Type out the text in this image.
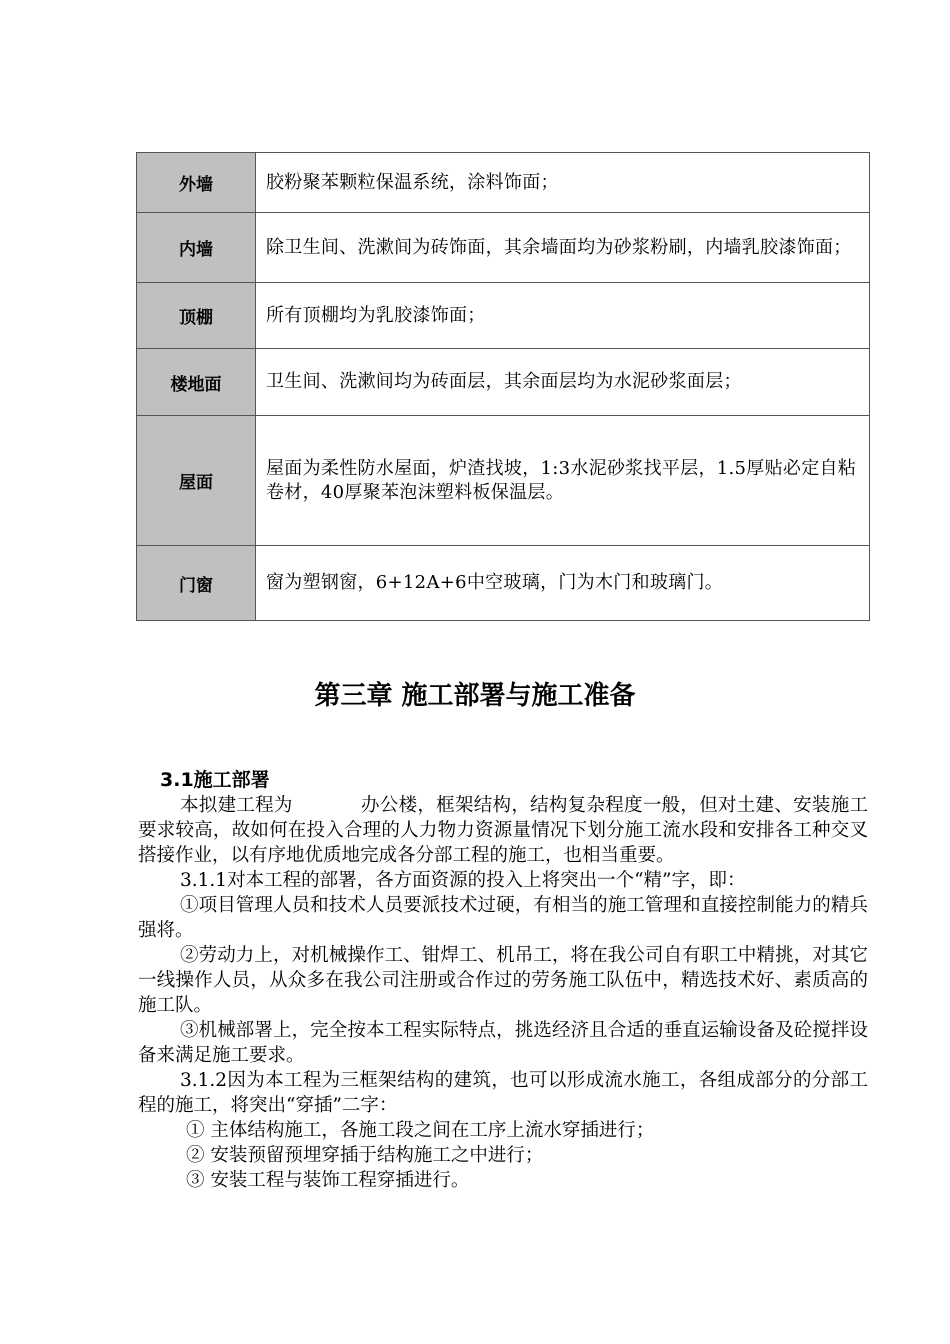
外墙	胶粉聚苯颗粒保温系统，涂料饰面；
内墙	除卫生间、洗漱间为砖饰面，其余墙面均为砂浆粉刷，内墙乳胶漆饰面；
顶棚	所有顶棚均为乳胶漆饰面；
楼地面	卫生间、洗漱间均为砖面层，其余面层均为水泥砂浆面层；
屋面	屋面为柔性防水屋面，炉渣找坡，1:3水泥砂浆找平层，1.5厚贴必定自粘卷材，40厚聚苯泡沫塑料板保温层。
门窗	窗为塑钢窗，6+12A+6中空玻璃，门为木门和玻璃门。
第三章 施工部署与施工准备

3.1施工部署

本拟建工程为	办公楼，框架结构，结构复杂程度一般，但对土建、安装施工要求较高，故如何在投入合理的人力物力资源量情况下划分施工流水段和安排各工种交叉搭接作业，以有序地优质地完成各分部工程的施工，也相当重要。

3.1.1对本工程的部署，各方面资源的投入上将突出一个“精”字，即：

①项目管理人员和技术人员要派技术过硬，有相当的施工管理和直接控制能力的精兵强将。

②劳动力上，对机械操作工、钳焊工、机吊工，将在我公司自有职工中精挑，对其它一线操作人员，从众多在我公司注册或合作过的劳务施工队伍中，精选技术好、素质高的施工队。

③机械部署上，完全按本工程实际特点，挑选经济且合适的垂直运输设备及砼搅拌设备来满足施工要求。

3.1.2因为本工程为三框架结构的建筑，也可以形成流水施工，各组成部分的分部工程的施工，将突出“穿插”二字：

① 主体结构施工，各施工段之间在工序上流水穿插进行；

② 安装预留预埋穿插于结构施工之中进行；

③ 安装工程与装饰工程穿插进行。
